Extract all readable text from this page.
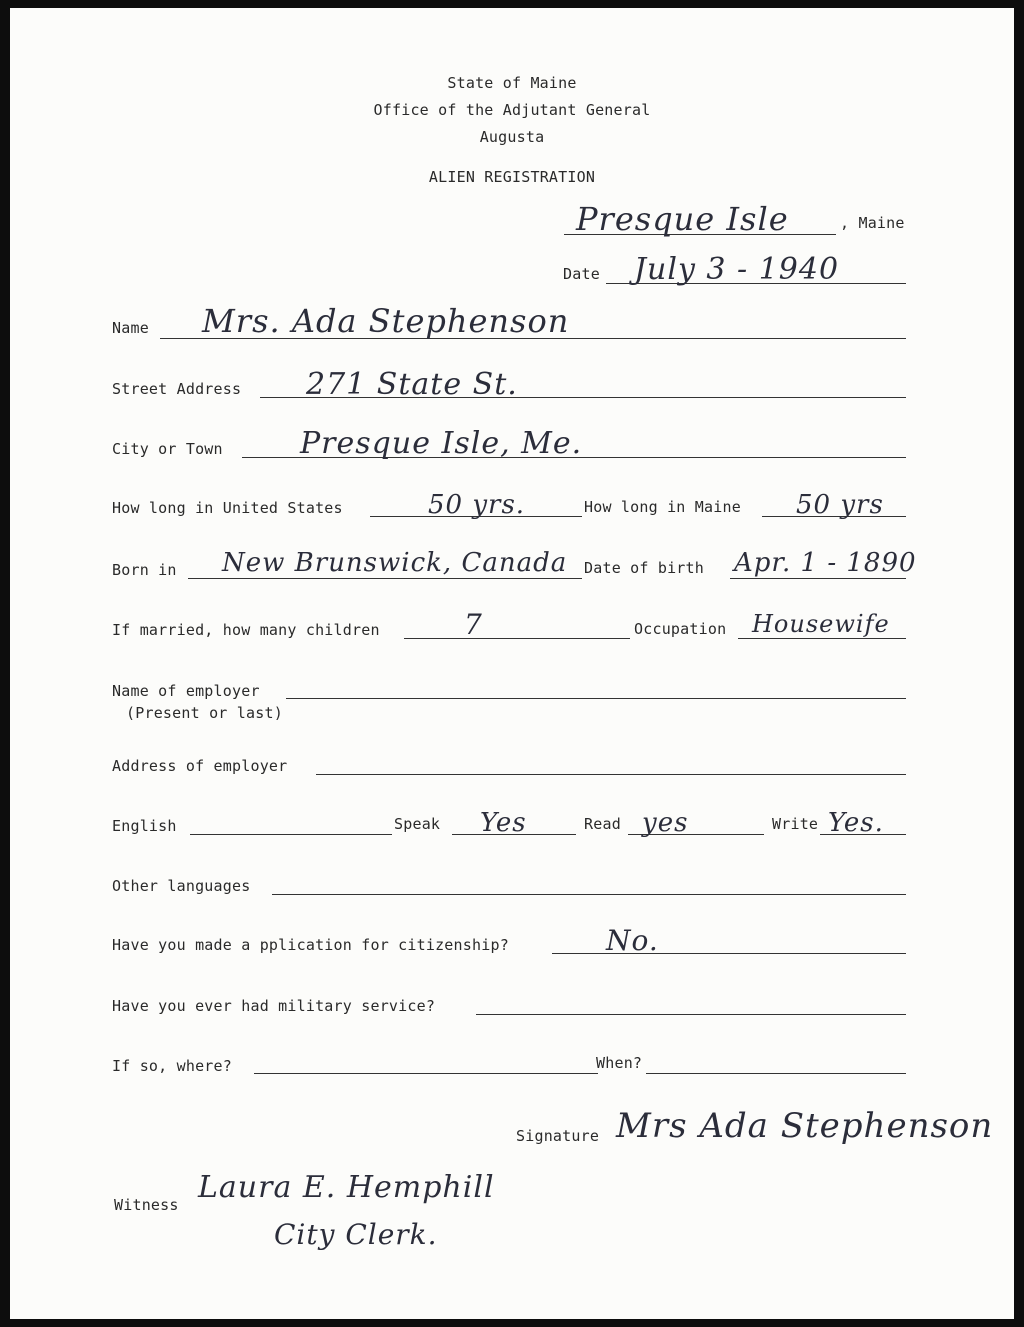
State of Maine
Office of the Adjutant General
Augusta
ALIEN REGISTRATION
Presque Isle	, Maine
Date July 3 - 1940
Name Mrs. Ada Stephenson
Street Address 271 State St.
City or Town	Presque Isle, Me.
How long in United States	50 yrs.	How long in Maine 50 yrs
Born in New Brunswick, Canada Date of birth Apr. 1 - 1890
If married, how many children	7	Occupation Housewife
Name of employer
(Present or last)
Address of employer
English	Speak Yes	Read yes	Write Yes.
Other languages
Have you made a pplication for citizenship?	No.
Have you ever had military service?
If so, where?	When?
Signature Mrs Ada Stephenson
Witness Laura E. Hemphill
City Clerk.
